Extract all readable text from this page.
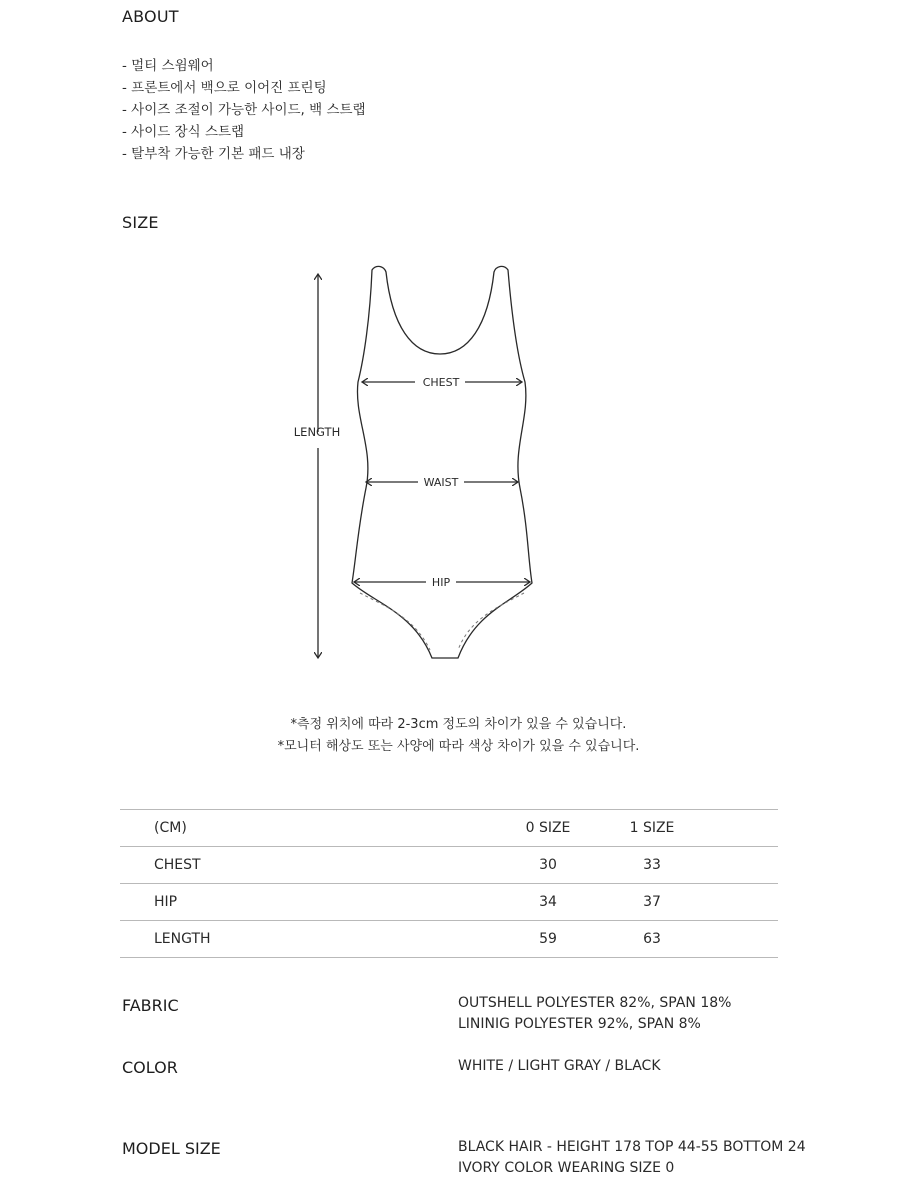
ABOUT
- 멀티 스윔웨어
- 프론트에서 백으로 이어진 프린팅
- 사이즈 조절이 가능한 사이드, 백 스트랩
- 사이드 장식 스트랩
- 탈부착 가능한 기본 패드 내장
SIZE
LENGTH
CHEST
WAIST
HIP
*측정 위치에 따라 2-3cm 정도의 차이가 있을 수 있습니다.
*모니터 해상도 또는 사양에 따라 색상 차이가 있을 수 있습니다.
(CM)	0 SIZE	1 SIZE
CHEST	30	33
HIP	34	37
LENGTH	59	63
FABRIC	OUTSHELL POLYESTER 82%, SPAN 18%
LININIG POLYESTER 92%, SPAN 8%
COLOR	WHITE / LIGHT GRAY / BLACK
MODEL SIZE	BLACK HAIR - HEIGHT 178 TOP 44-55 BOTTOM 24
IVORY COLOR WEARING SIZE 0
